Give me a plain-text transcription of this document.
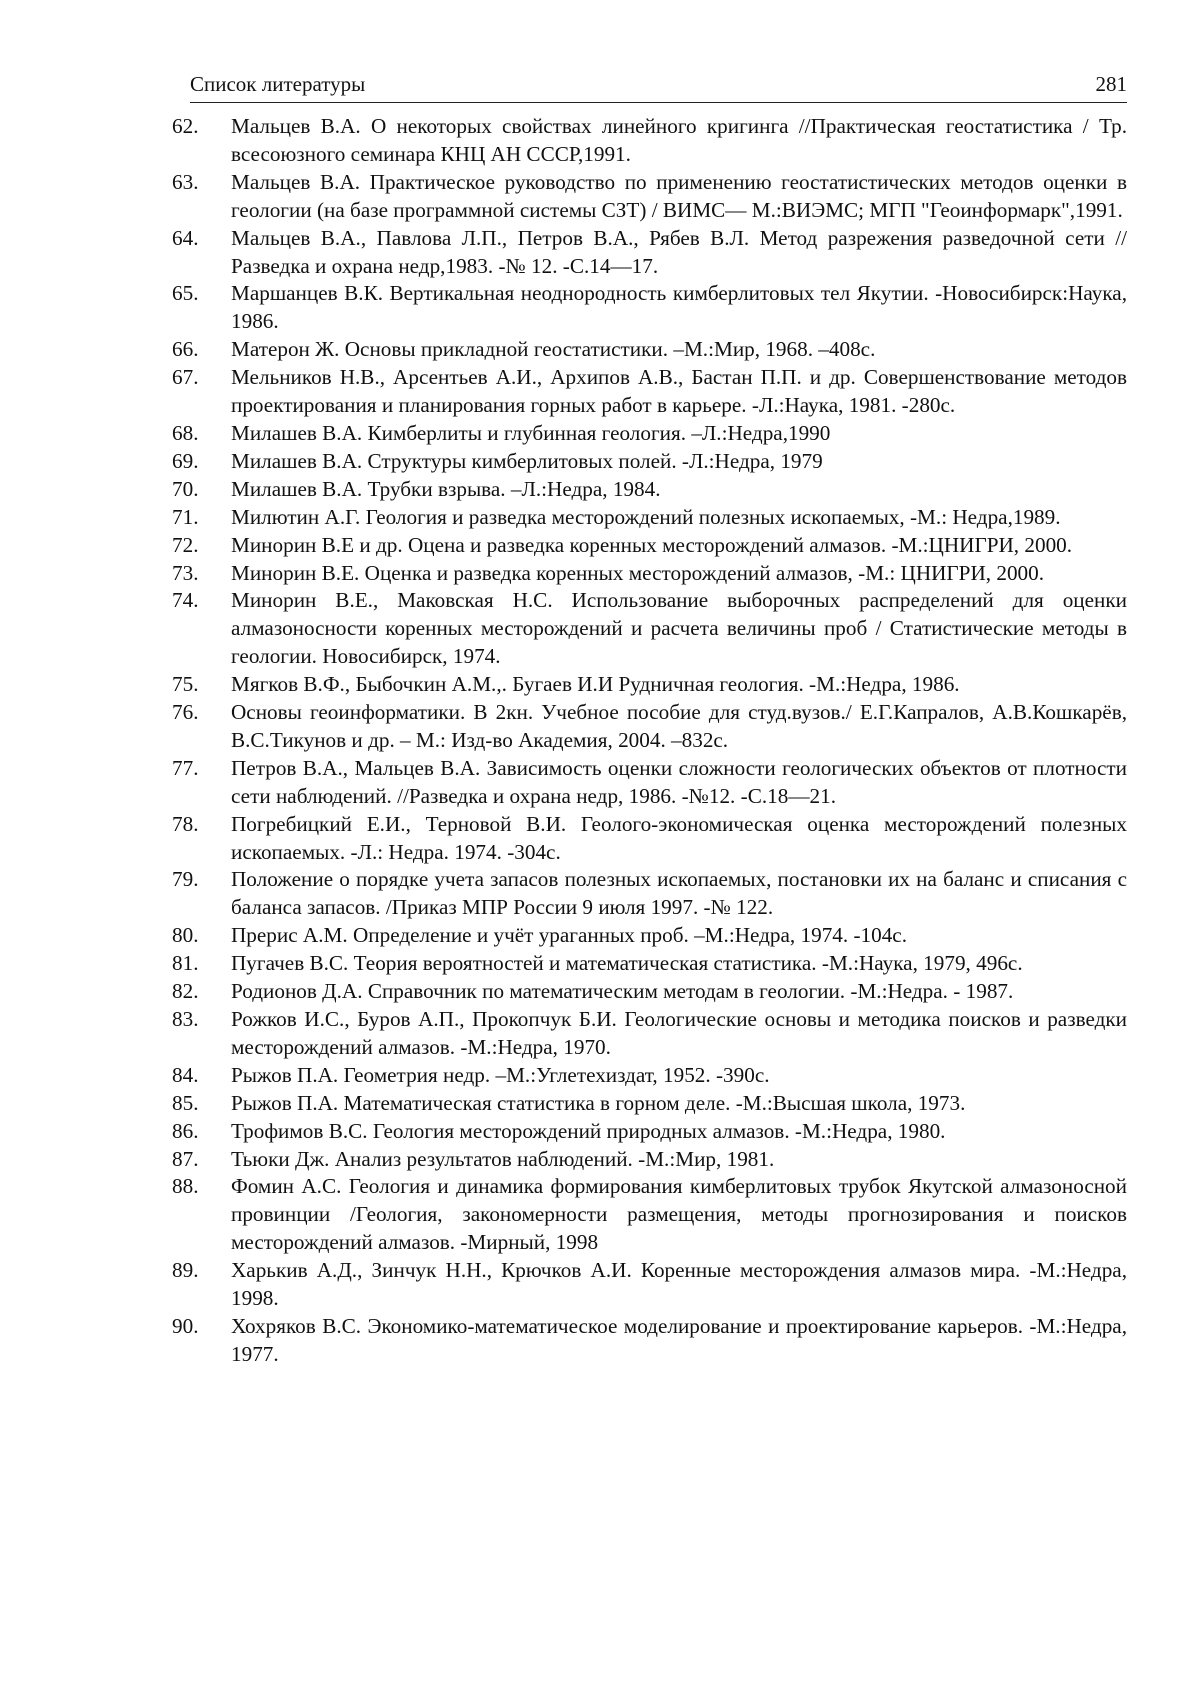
Список литературы	281
62. Мальцев В.А. О некоторых свойствах линейного кригинга //Практическая геостатистика / Тр. всесоюзного семинара КНЦ АН СССР,1991.
63. Мальцев В.А. Практическое руководство по применению геостатистических методов оценки в геологии (на базе программной системы СЗТ) / ВИМС— М.:ВИЭМС; МГП "Геоинформарк",1991.
64. Мальцев В.А., Павлова Л.П., Петров В.А., Рябев В.Л. Метод разрежения разведочной сети // Разведка и охрана недр,1983. -№ 12. -С.14—17.
65. Маршанцев В.К. Вертикальная неоднородность кимберлитовых тел Якутии. -Новосибирск:Наука, 1986.
66. Матерон Ж. Основы прикладной геостатистики. –М.:Мир, 1968. –408с.
67. Мельников Н.В., Арсентьев А.И., Архипов А.В., Бастан П.П. и др. Совершенствование методов проектирования и планирования горных работ в карьере. -Л.:Наука, 1981. -280с.
68. Милашев В.А. Кимберлиты и глубинная геология. –Л.:Недра,1990
69. Милашев В.А. Структуры кимберлитовых полей. -Л.:Недра, 1979
70. Милашев В.А. Трубки взрыва. –Л.:Недра, 1984.
71. Милютин А.Г. Геология и разведка месторождений полезных ископаемых, -М.: Недра,1989.
72. Минорин В.Е и др. Оцена и разведка коренных месторождений алмазов. -М.:ЦНИГРИ, 2000.
73. Минорин В.Е. Оценка и разведка коренных месторождений алмазов, -М.: ЦНИГРИ, 2000.
74. Минорин В.Е., Маковская Н.С. Использование выборочных распределений для оценки алмазоносности коренных месторождений и расчета величины проб / Статистические методы в геологии. Новосибирск, 1974.
75. Мягков В.Ф., Быбочкин А.М.,. Бугаев И.И Рудничная геология. -М.:Недра, 1986.
76. Основы геоинформатики. В 2кн. Учебное пособие для студ.вузов./ Е.Г.Капралов, А.В.Кошкарёв, В.С.Тикунов и др. – М.: Изд-во Академия, 2004. –832с.
77. Петров В.А., Мальцев В.А. Зависимость оценки сложности геологических объектов от плотности сети наблюдений. //Разведка и охрана недр, 1986. -№12. -С.18—21.
78. Погребицкий Е.И., Терновой В.И. Геолого-экономическая оценка месторождений полезных ископаемых. -Л.: Недра. 1974. -304с.
79. Положение о порядке учета запасов полезных ископаемых, постановки их на баланс и списания с баланса запасов. /Приказ МПР России 9 июля 1997. -№ 122.
80. Прерис А.М. Определение и учёт ураганных проб. –М.:Недра, 1974. -104с.
81. Пугачев В.С. Теория вероятностей и математическая статистика. -М.:Наука, 1979, 496с.
82. Родионов Д.А. Справочник по математическим методам в геологии. -М.:Недра. - 1987.
83. Рожков И.С., Буров А.П., Прокопчук Б.И. Геологические основы и методика поисков и разведки месторождений алмазов. -М.:Недра, 1970.
84. Рыжов П.А. Геометрия недр. –М.:Углетехиздат, 1952. -390с.
85. Рыжов П.А. Математическая статистика в горном деле. -М.:Высшая школа, 1973.
86. Трофимов В.С. Геология месторождений природных алмазов. -М.:Недра, 1980.
87. Тьюки Дж. Анализ результатов наблюдений. -М.:Мир, 1981.
88. Фомин А.С. Геология и динамика формирования кимберлитовых трубок Якутской алмазоносной провинции /Геология, закономерности размещения, методы прогнозирования и поисков месторождений алмазов. -Мирный, 1998
89. Харькив А.Д., Зинчук Н.Н., Крючков А.И. Коренные месторождения алмазов мира. -М.:Недра, 1998.
90. Хохряков В.С. Экономико-математическое моделирование и проектирование карьеров. -М.:Недра, 1977.
